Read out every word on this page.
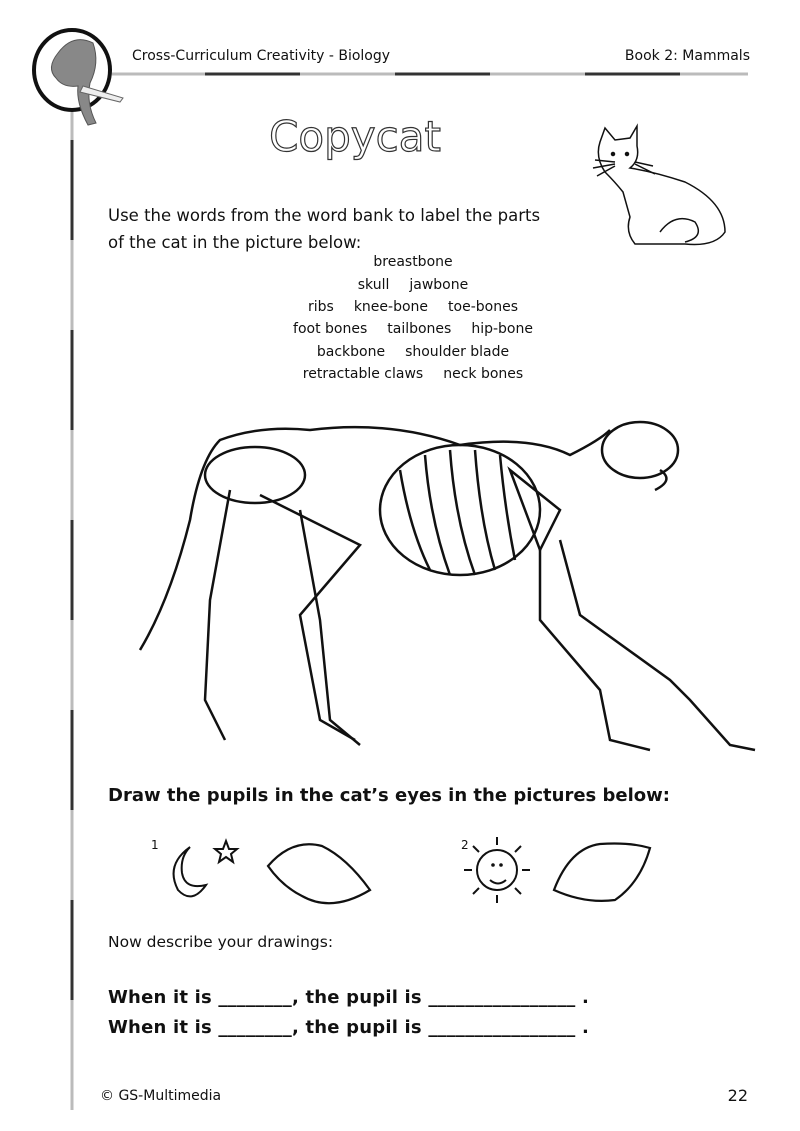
Cross-Curriculum Creativity - Biology	Book 2: Mammals
Copycat
Use the words from the word bank to label the parts
of the cat in the picture below:
breastbone
skull jawbone
ribs knee-bone toe-bones
foot bones tailbones hip-bone
backbone shoulder blade
retractable claws neck bones
Draw the pupils in the cat’s eyes in the pictures below:
1	2
Now describe your drawings:
When it is ________, the pupil is ________________ .
When it is ________, the pupil is ________________ .
© GS-Multimedia	22
